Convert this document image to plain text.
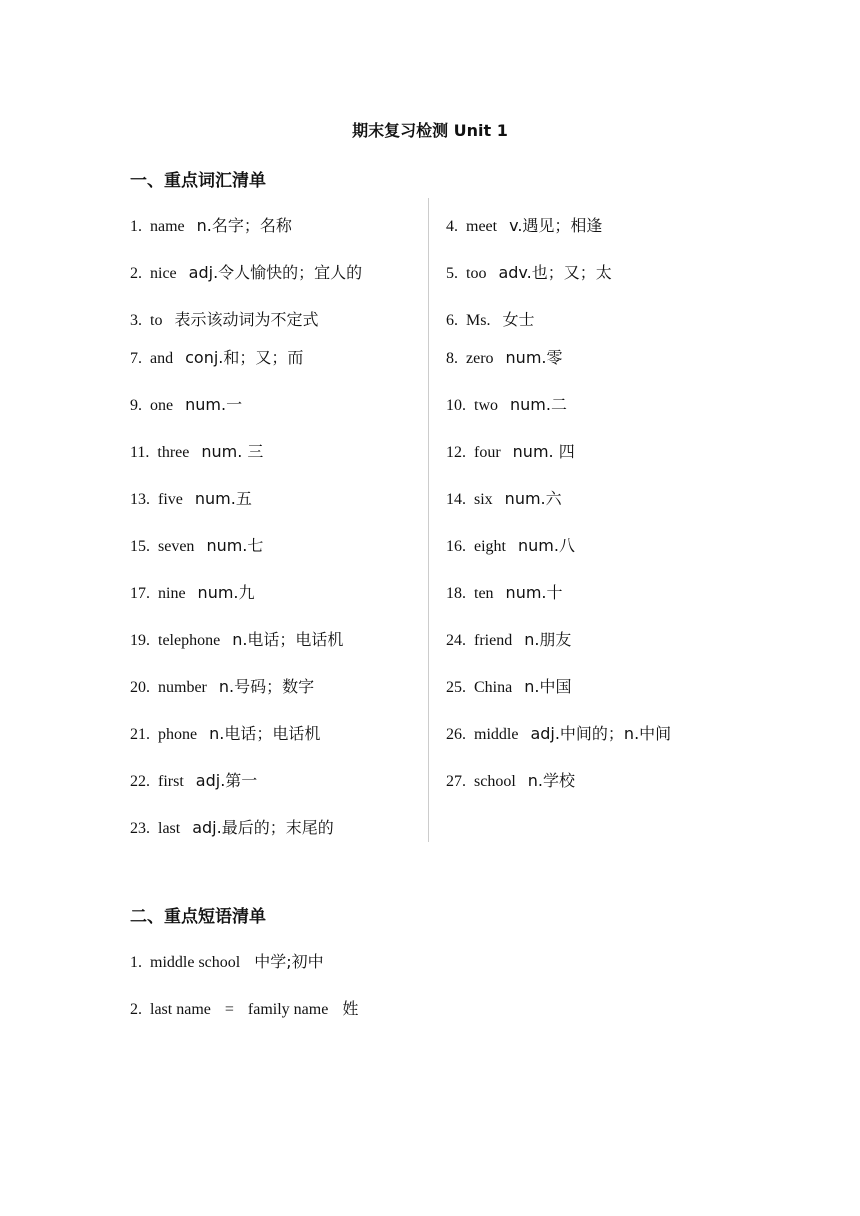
期末复习检测 Unit 1
一、重点词汇清单
1. name n.名字；名称
2. nice adj.令人愉快的；宜人的
3. to 表示该动词为不定式
7. and conj.和；又；而
9. one num.一
11. three num. 三
13. five num.五
15. seven num.七
17. nine num.九
19. telephone n.电话；电话机
20. number n.号码；数字
21. phone n.电话；电话机
22. first adj.第一
23. last adj.最后的；末尾的
4. meet v.遇见；相逢
5. too adv.也；又；太
6. Ms. 女士
8. zero num.零
10. two num.二
12. four num. 四
14. six num.六
16. eight num.八
18. ten num.十
24. friend n.朋友
25. China n.中国
26. middle adj.中间的；n.中间
27. school n.学校
二、重点短语清单
1. middle school 中学;初中
2. last name = family name 姓
